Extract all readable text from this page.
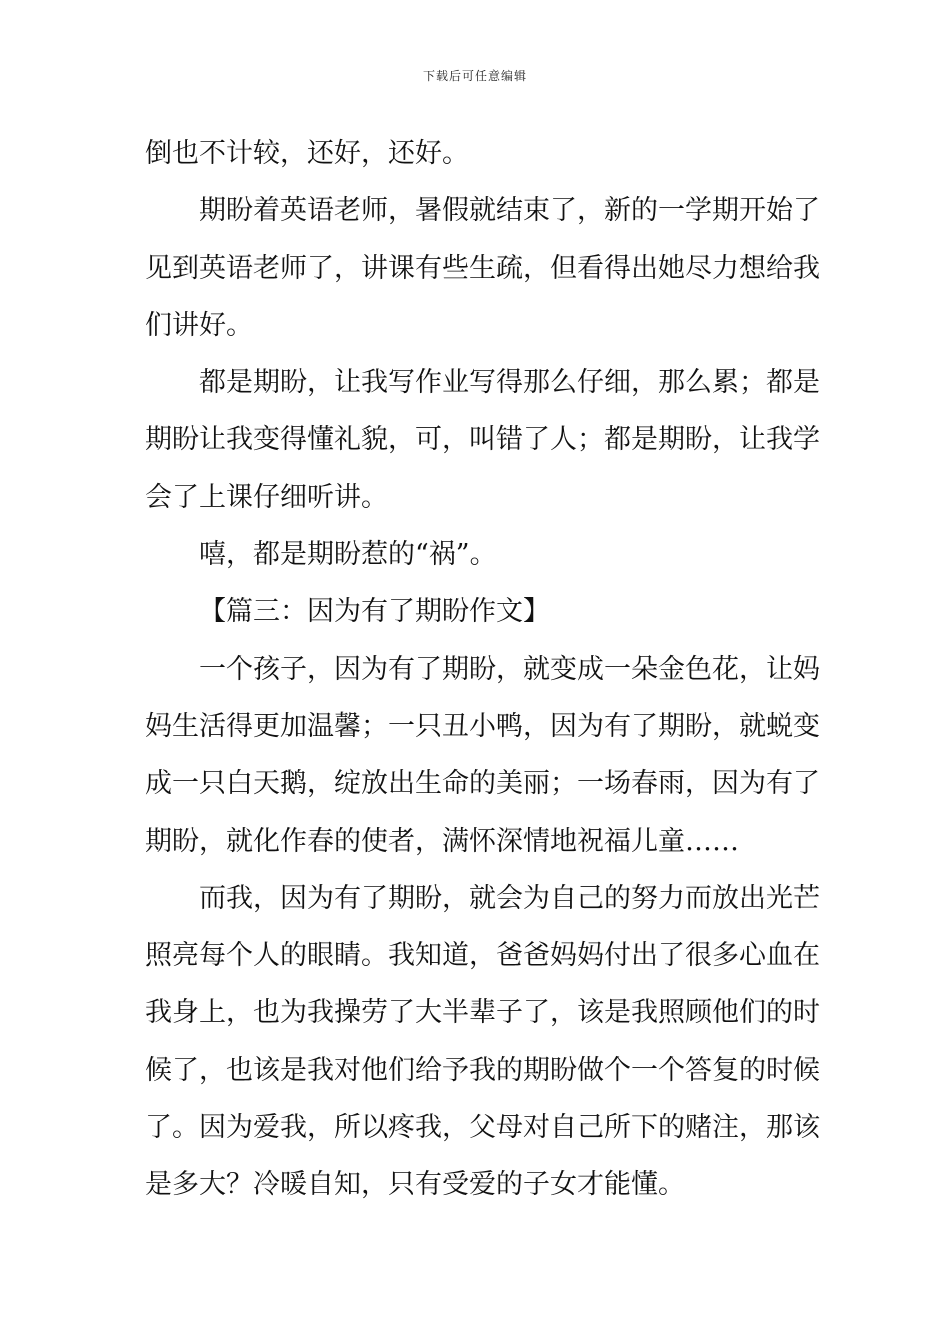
下载后可任意编辑
倒也不计较，还好，还好。
期盼着英语老师，暑假就结束了，新的一学期开始了
见到英语老师了，讲课有些生疏，但看得出她尽力想给我
们讲好。
都是期盼，让我写作业写得那么仔细，那么累；都是
期盼让我变得懂礼貌，可，叫错了人；都是期盼，让我学
会了上课仔细听讲。
嘻，都是期盼惹的“祸”。
【篇三：因为有了期盼作文】
一个孩子，因为有了期盼，就变成一朵金色花，让妈
妈生活得更加温馨；一只丑小鸭，因为有了期盼，就蜕变
成一只白天鹅，绽放出生命的美丽；一场春雨，因为有了
期盼，就化作春的使者，满怀深情地祝福儿童……
而我，因为有了期盼，就会为自己的努力而放出光芒
照亮每个人的眼睛。我知道，爸爸妈妈付出了很多心血在
我身上，也为我操劳了大半辈子了，该是我照顾他们的时
候了，也该是我对他们给予我的期盼做个一个答复的时候
了。因为爱我，所以疼我，父母对自己所下的赌注，那该
是多大？冷暖自知，只有受爱的子女才能懂。
